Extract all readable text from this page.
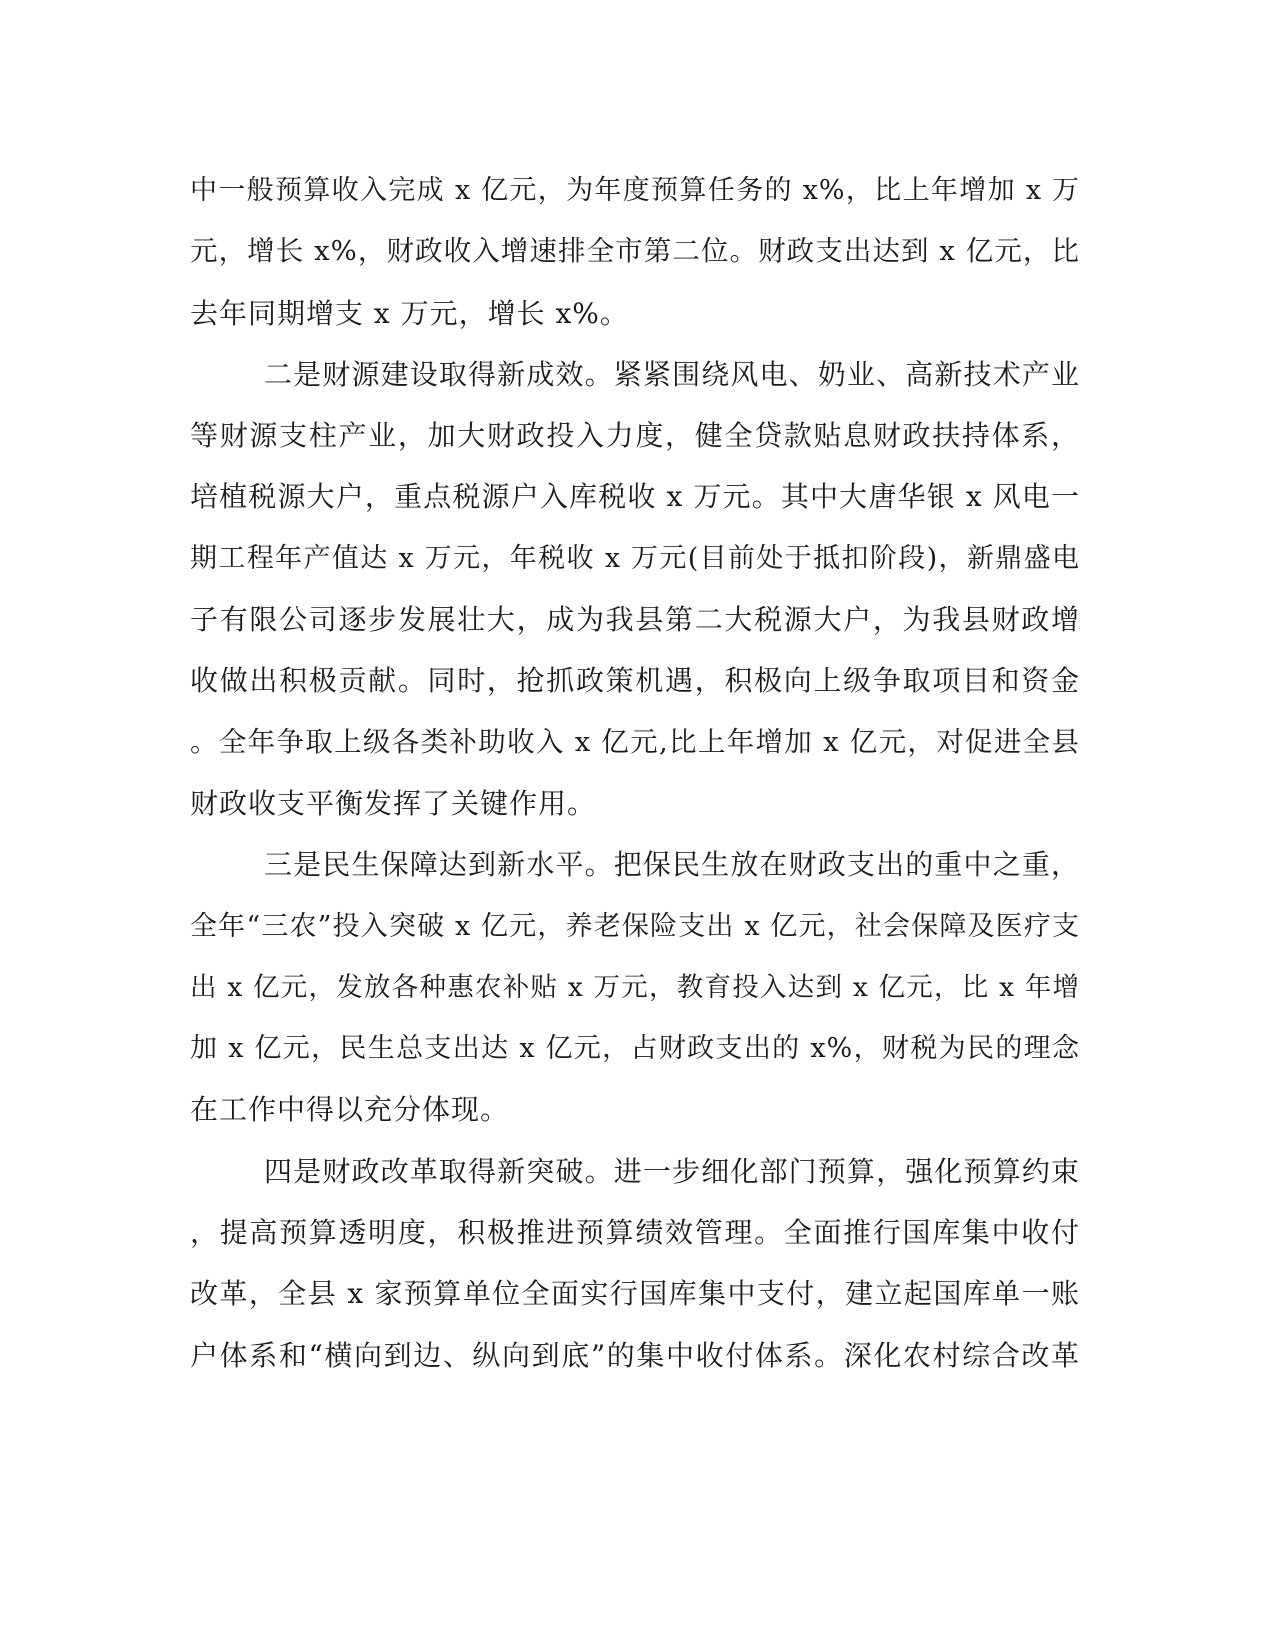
中一般预算收入完成 x 亿元，为年度预算任务的 x%，比上年增加 x 万
元，增长 x%，财政收入增速排全市第二位。财政支出达到 x 亿元，比
去年同期增支 x 万元，增长 x%。
二是财源建设取得新成效。紧紧围绕风电、奶业、高新技术产业
等财源支柱产业，加大财政投入力度，健全贷款贴息财政扶持体系，
培植税源大户，重点税源户入库税收 x 万元。其中大唐华银 x 风电一
期工程年产值达 x 万元，年税收 x 万元(目前处于抵扣阶段)，新鼎盛电
子有限公司逐步发展壮大，成为我县第二大税源大户，为我县财政增
收做出积极贡献。同时，抢抓政策机遇，积极向上级争取项目和资金
。全年争取上级各类补助收入 x 亿元,比上年增加 x 亿元，对促进全县
财政收支平衡发挥了关键作用。
三是民生保障达到新水平。把保民生放在财政支出的重中之重，
全年“三农”投入突破 x 亿元，养老保险支出 x 亿元，社会保障及医疗支
出 x 亿元，发放各种惠农补贴 x 万元，教育投入达到 x 亿元，比 x 年增
加 x 亿元，民生总支出达 x 亿元，占财政支出的 x%，财税为民的理念
在工作中得以充分体现。
四是财政改革取得新突破。进一步细化部门预算，强化预算约束
，提高预算透明度，积极推进预算绩效管理。全面推行国库集中收付
改革，全县 x 家预算单位全面实行国库集中支付，建立起国库单一账
户体系和“横向到边、纵向到底”的集中收付体系。深化农村综合改革
